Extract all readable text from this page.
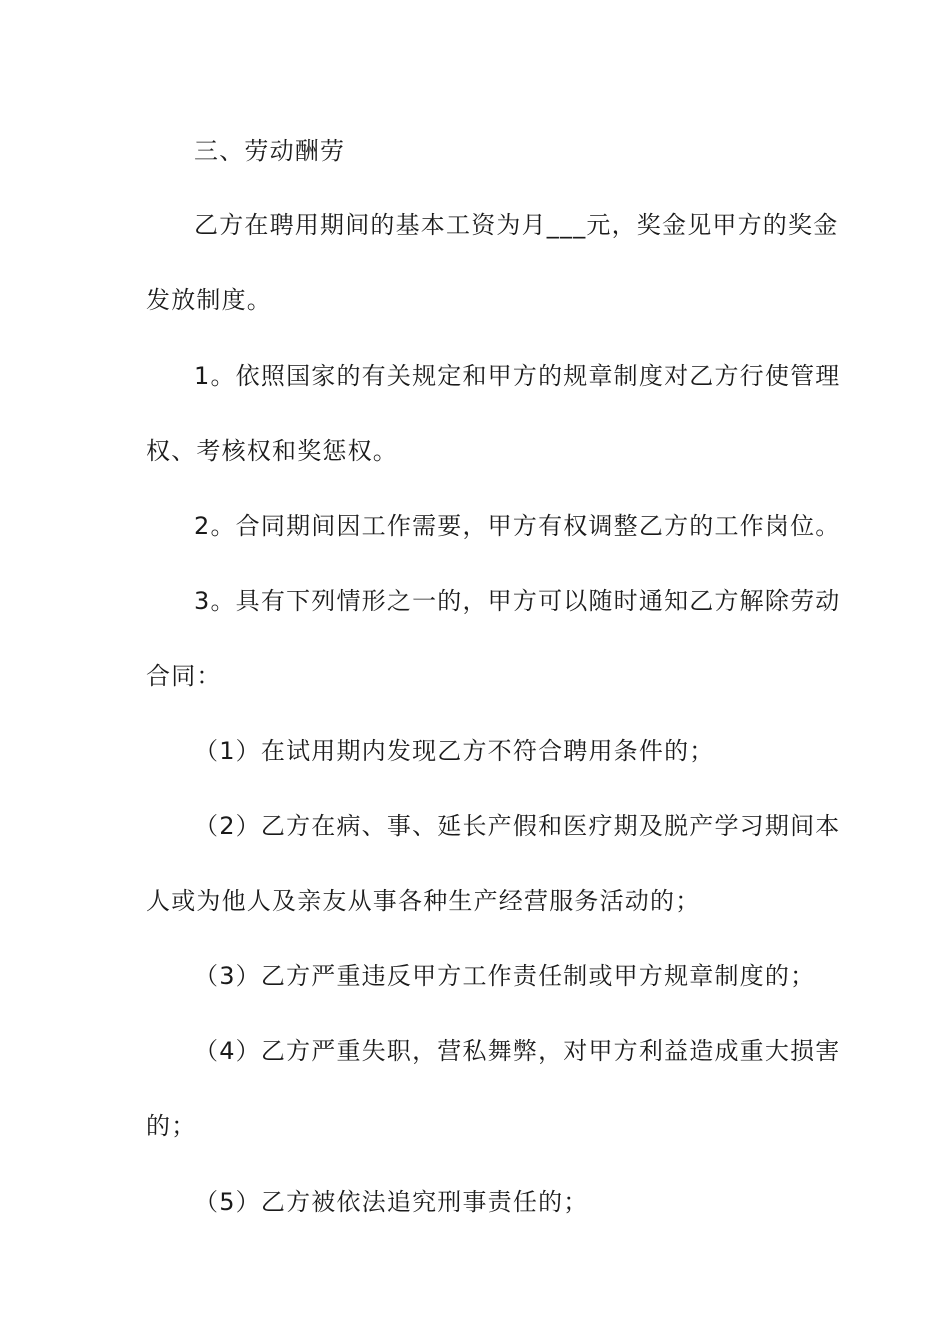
三、劳动酬劳
乙方在聘用期间的基本工资为月___元，奖金见甲方的奖金
发放制度。
1。依照国家的有关规定和甲方的规章制度对乙方行使管理
权、考核权和奖惩权。
2。合同期间因工作需要，甲方有权调整乙方的工作岗位。
3。具有下列情形之一的，甲方可以随时通知乙方解除劳动
合同：
（1）在试用期内发现乙方不符合聘用条件的；
（2）乙方在病、事、延长产假和医疗期及脱产学习期间本
人或为他人及亲友从事各种生产经营服务活动的；
（3）乙方严重违反甲方工作责任制或甲方规章制度的；
（4）乙方严重失职，营私舞弊，对甲方利益造成重大损害
的；
（5）乙方被依法追究刑事责任的；
